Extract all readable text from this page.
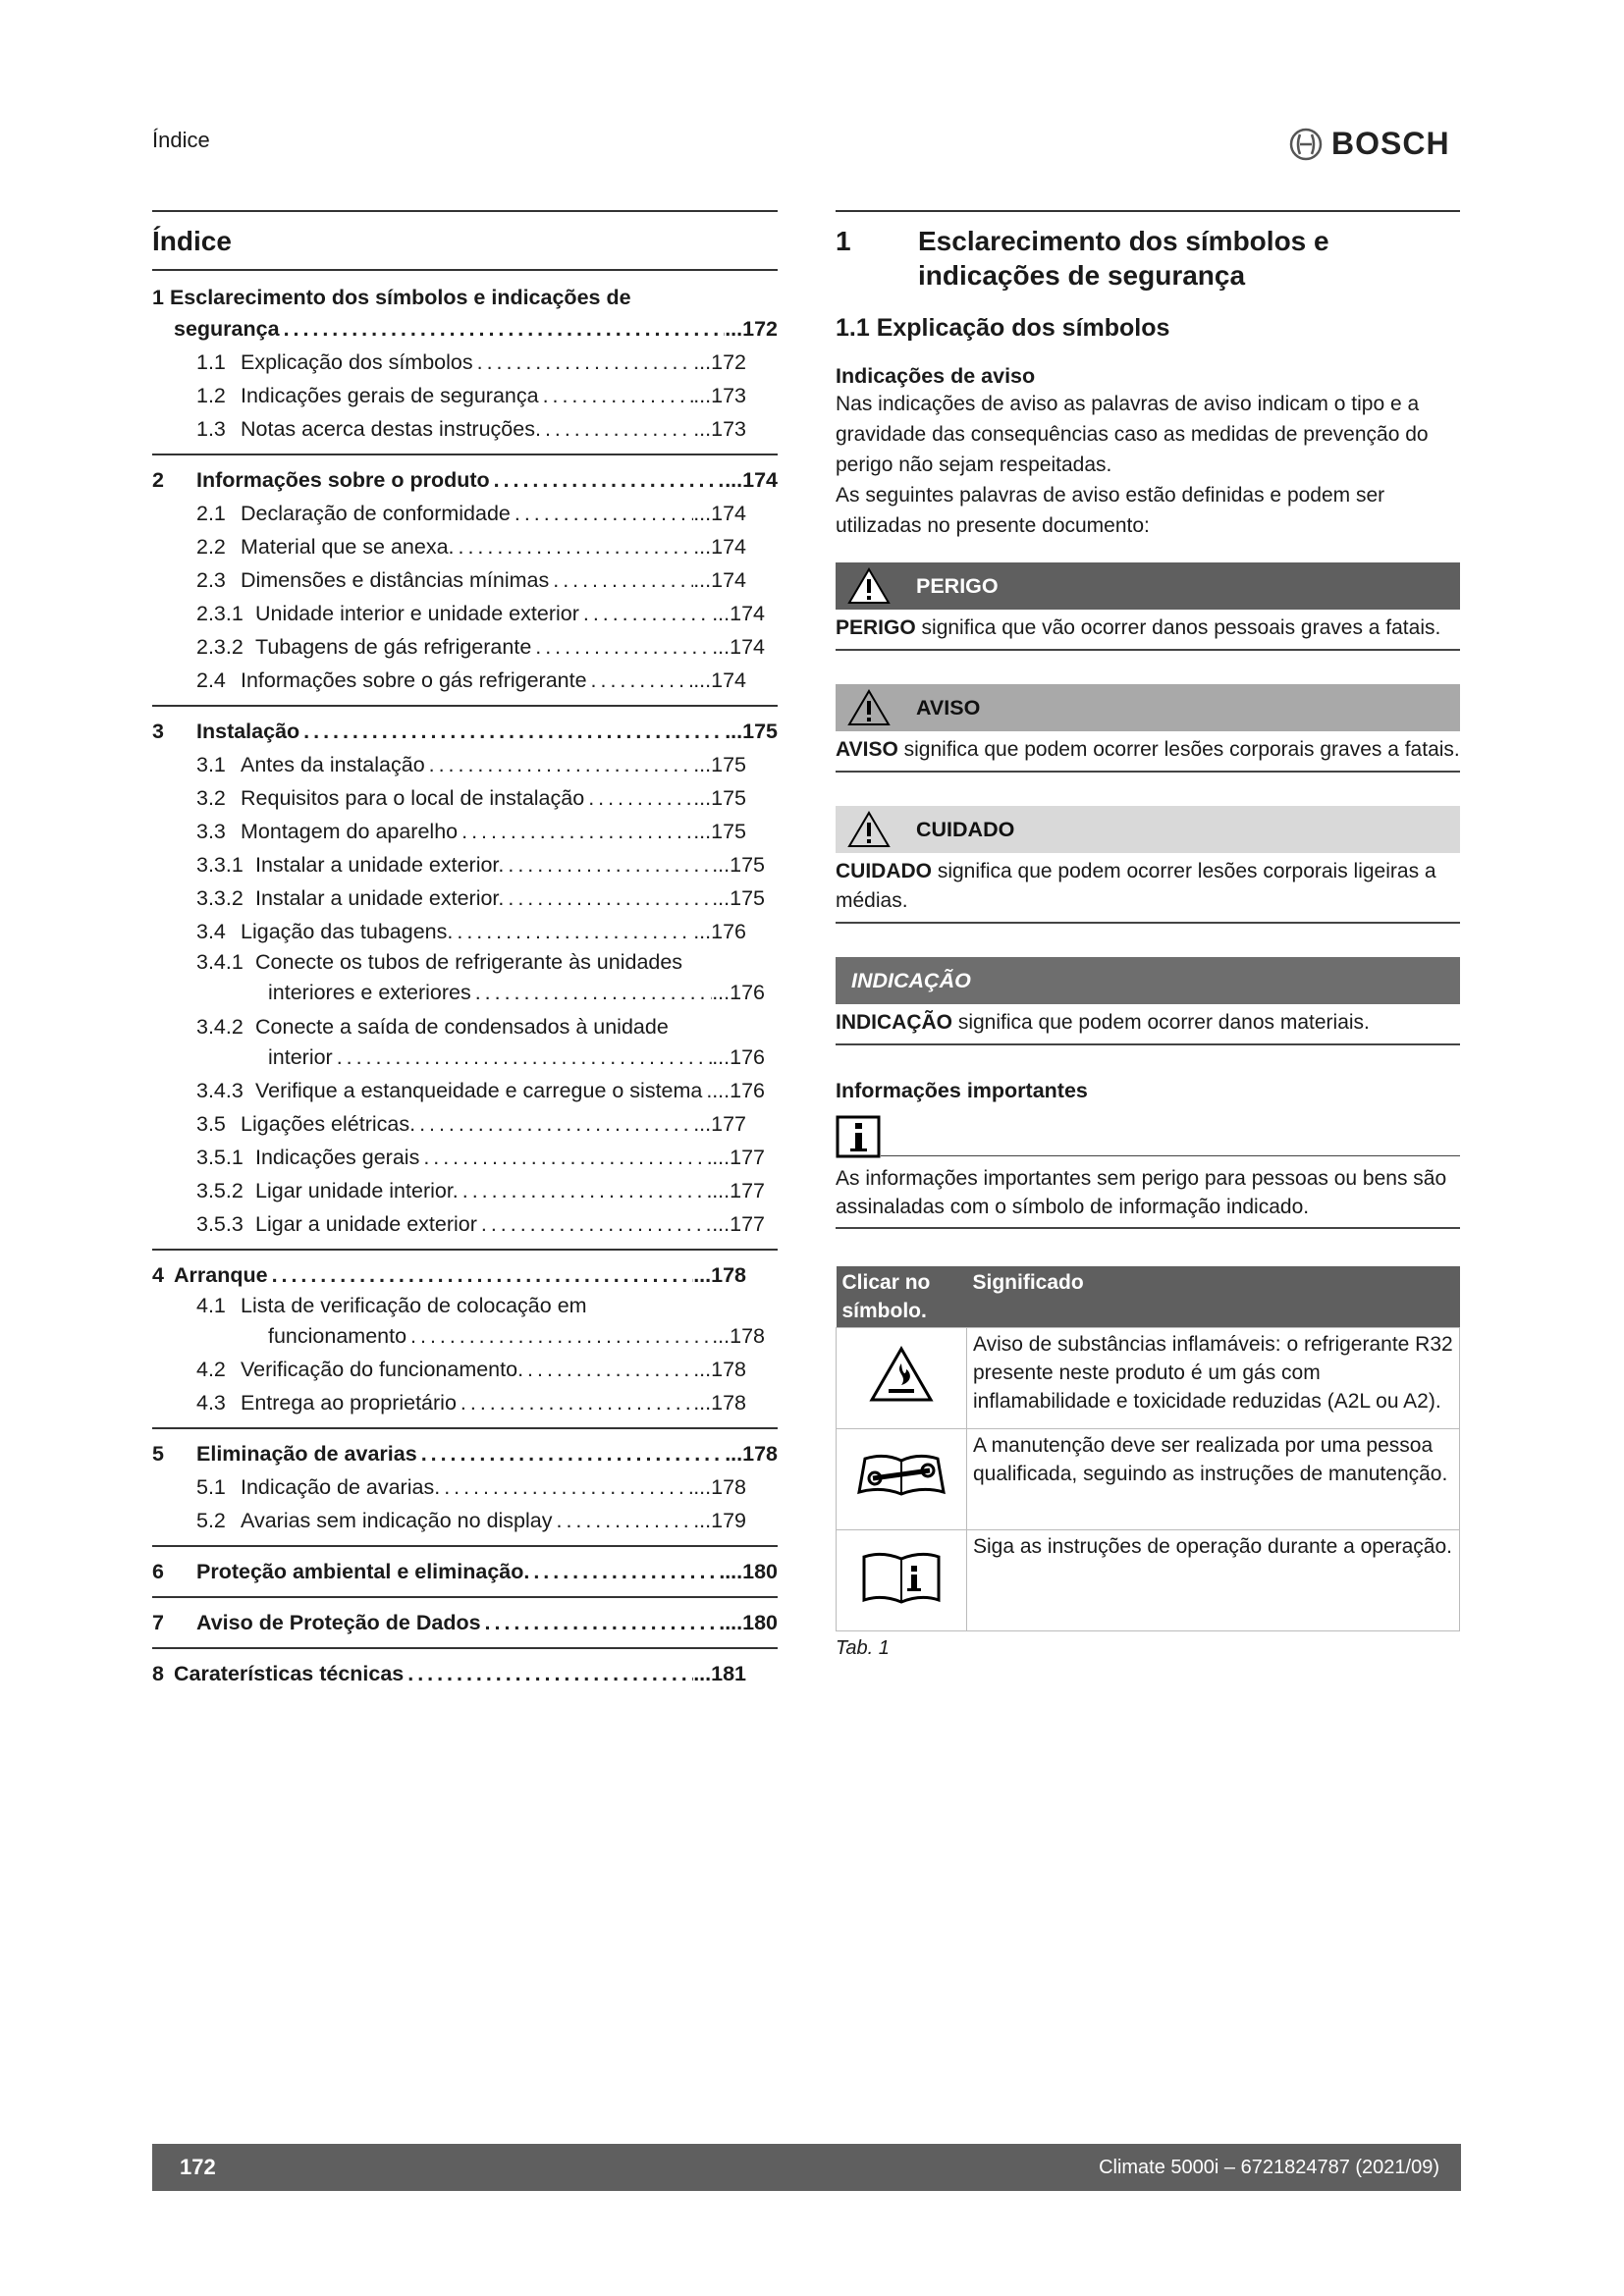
Índice	BOSCH
Índice
1 Esclarecimento dos símbolos e indicações de
segurança . . .	...172
1.1 Explicação dos símbolos . . .	...172
1.2 Indicações gerais de segurança . . .	...173
1.3 Notas acerca destas instruções. . . .	...173
2	Informações sobre o produto . . .	...174
2.1 Declaração de conformidade . . .	...174
2.2 Material que se anexa. . . .	...174
2.3 Dimensões e distâncias mínimas . . .	...174
2.3.1 Unidade interior e unidade exterior . . .	...174
2.3.2 Tubagens de gás refrigerante . . .	...174
2.4 Informações sobre o gás refrigerante . . .	...174
3	Instalação . . .	...175
3.1 Antes da instalação . . .	...175
3.2 Requisitos para o local de instalação . . .	...175
3.3 Montagem do aparelho . . .	...175
3.3.1 Instalar a unidade exterior. . . .	...175
3.3.2 Instalar a unidade exterior. . . .	...175
3.4 Ligação das tubagens. . . .	...176
3.4.1 Conecte os tubos de refrigerante às unidades
interiores e exteriores . . .	...176
3.4.2 Conecte a saída de condensados à unidade
interior . . .	...176
3.4.3 Verifique a estanqueidade e carregue o sistema . . . ...176
3.5 Ligações elétricas. . . .	...177
3.5.1 Indicações gerais . . .	...177
3.5.2 Ligar unidade interior. . . .	...177
3.5.3 Ligar a unidade exterior . . .	...177
4 Arranque . . .	...178
4.1 Lista de verificação de colocação em
funcionamento . . .	...178
4.2 Verificação do funcionamento. . . .	...178
4.3 Entrega ao proprietário . . .	...178
5	Eliminação de avarias . . .	...178
5.1 Indicação de avarias. . . .	...178
5.2 Avarias sem indicação no display . . .	...179
6	Proteção ambiental e eliminação. . . .	...180
7	Aviso de Proteção de Dados . . .	...180
8 Caraterísticas técnicas . . .	...181
1	Esclarecimento dos símbolos e indicações de segurança
1.1 Explicação dos símbolos
Indicações de aviso
Nas indicações de aviso as palavras de aviso indicam o tipo e a gravidade das consequências caso as medidas de prevenção do perigo não sejam respeitadas.
As seguintes palavras de aviso estão definidas e podem ser utilizadas no presente documento:
PERIGO
PERIGO significa que vão ocorrer danos pessoais graves a fatais.
AVISO
AVISO significa que podem ocorrer lesões corporais graves a fatais.
CUIDADO
CUIDADO significa que podem ocorrer lesões corporais ligeiras a médias.
INDICAÇÃO
INDICAÇÃO significa que podem ocorrer danos materiais.
Informações importantes
As informações importantes sem perigo para pessoas ou bens são assinaladas com o símbolo de informação indicado.
Clicar no símbolo.	Significado
	Aviso de substâncias inflamáveis: o refrigerante R32 presente neste produto é um gás com inflamabilidade e toxicidade reduzidas (A2L ou A2).
	A manutenção deve ser realizada por uma pessoa qualificada, seguindo as instruções de manutenção.
	Siga as instruções de operação durante a operação.
Tab. 1
172	Climate 5000i – 6721824787 (2021/09)
